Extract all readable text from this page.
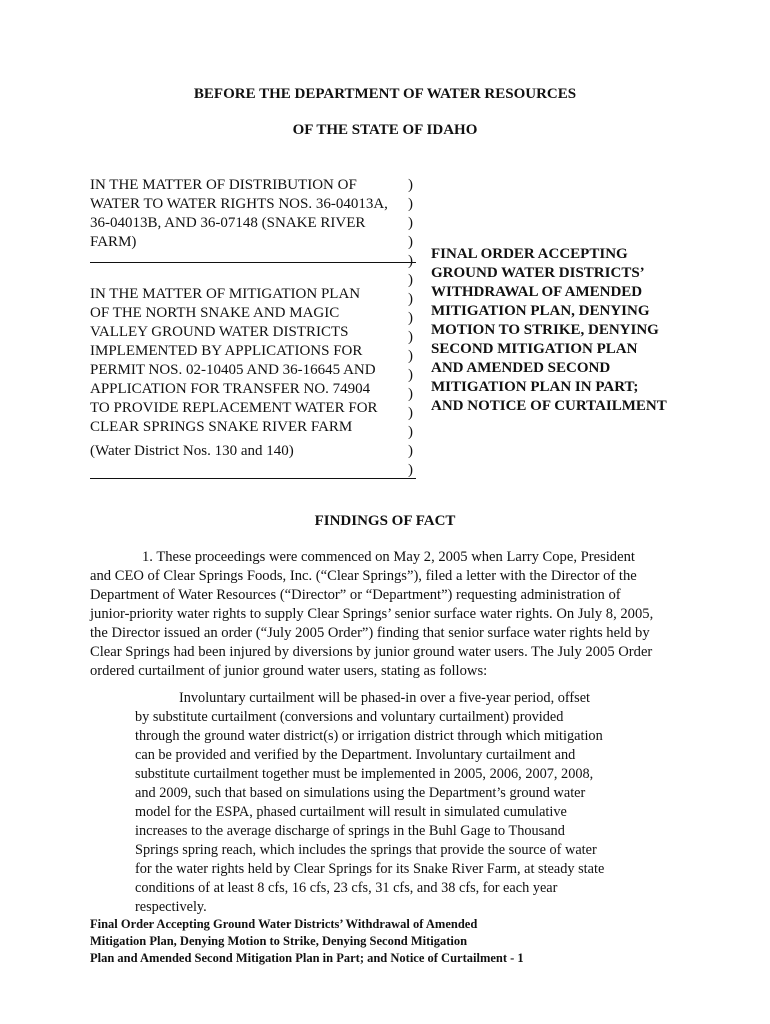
BEFORE THE DEPARTMENT OF WATER RESOURCES
OF THE STATE OF IDAHO
IN THE MATTER OF DISTRIBUTION OF
WATER TO WATER RIGHTS NOS. 36-04013A,
36-04013B, AND 36-07148 (SNAKE RIVER
FARM)
)
)
)
)
)
)
)
)
)
)
)
)
)
)
)
)
IN THE MATTER OF MITIGATION PLAN
OF THE NORTH SNAKE AND MAGIC
VALLEY GROUND WATER DISTRICTS
IMPLEMENTED BY APPLICATIONS FOR
PERMIT NOS. 02-10405 AND 36-16645 AND
APPLICATION FOR TRANSFER NO. 74904
TO PROVIDE REPLACEMENT WATER FOR
CLEAR SPRINGS SNAKE RIVER FARM
(Water District Nos. 130 and 140)
FINAL ORDER ACCEPTING
GROUND WATER DISTRICTS’
WITHDRAWAL OF AMENDED
MITIGATION PLAN, DENYING
MOTION TO STRIKE, DENYING
SECOND MITIGATION PLAN
AND AMENDED SECOND
MITIGATION PLAN IN PART;
AND NOTICE OF CURTAILMENT
FINDINGS OF FACT
1. These proceedings were commenced on May 2, 2005 when Larry Cope, President
and CEO of Clear Springs Foods, Inc. (“Clear Springs”), filed a letter with the Director of the
Department of Water Resources (“Director” or “Department”) requesting administration of
junior-priority water rights to supply Clear Springs’ senior surface water rights. On July 8, 2005,
the Director issued an order (“July 2005 Order”) finding that senior surface water rights held by
Clear Springs had been injured by diversions by junior ground water users. The July 2005 Order
ordered curtailment of junior ground water users, stating as follows:
Involuntary curtailment will be phased-in over a five-year period, offset
by substitute curtailment (conversions and voluntary curtailment) provided
through the ground water district(s) or irrigation district through which mitigation
can be provided and verified by the Department. Involuntary curtailment and
substitute curtailment together must be implemented in 2005, 2006, 2007, 2008,
and 2009, such that based on simulations using the Department’s ground water
model for the ESPA, phased curtailment will result in simulated cumulative
increases to the average discharge of springs in the Buhl Gage to Thousand
Springs spring reach, which includes the springs that provide the source of water
for the water rights held by Clear Springs for its Snake River Farm, at steady state
conditions of at least 8 cfs, 16 cfs, 23 cfs, 31 cfs, and 38 cfs, for each year
respectively.
Final Order Accepting Ground Water Districts’ Withdrawal of Amended
Mitigation Plan, Denying Motion to Strike, Denying Second Mitigation
Plan and Amended Second Mitigation Plan in Part; and Notice of Curtailment - 1
